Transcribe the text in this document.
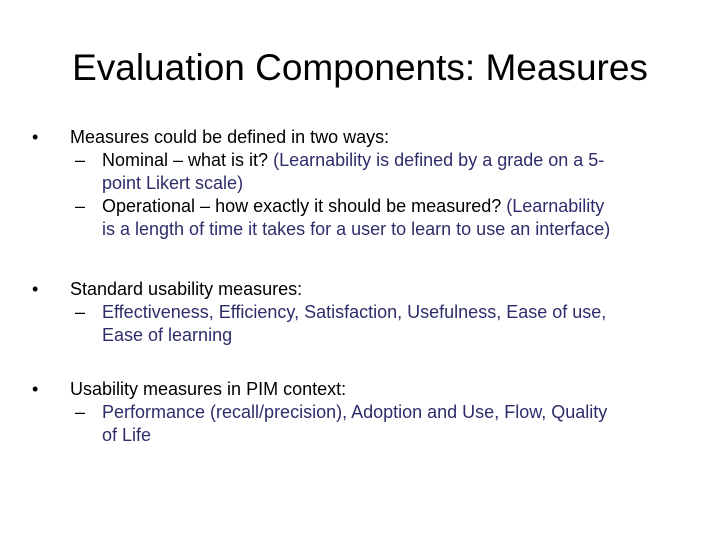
Evaluation Components: Measures
•	Measures could be defined in two ways:
– Nominal – what is it? (Learnability is defined by a grade on a 5-
point Likert scale)
– Operational – how exactly it should be measured? (Learnability
is a length of time it takes for a user to learn to use an interface)
•	Standard usability measures:
– Effectiveness, Efficiency, Satisfaction, Usefulness, Ease of use,
Ease of learning
•	Usability measures in PIM context:
– Performance (recall/precision), Adoption and Use, Flow, Quality
of Life
